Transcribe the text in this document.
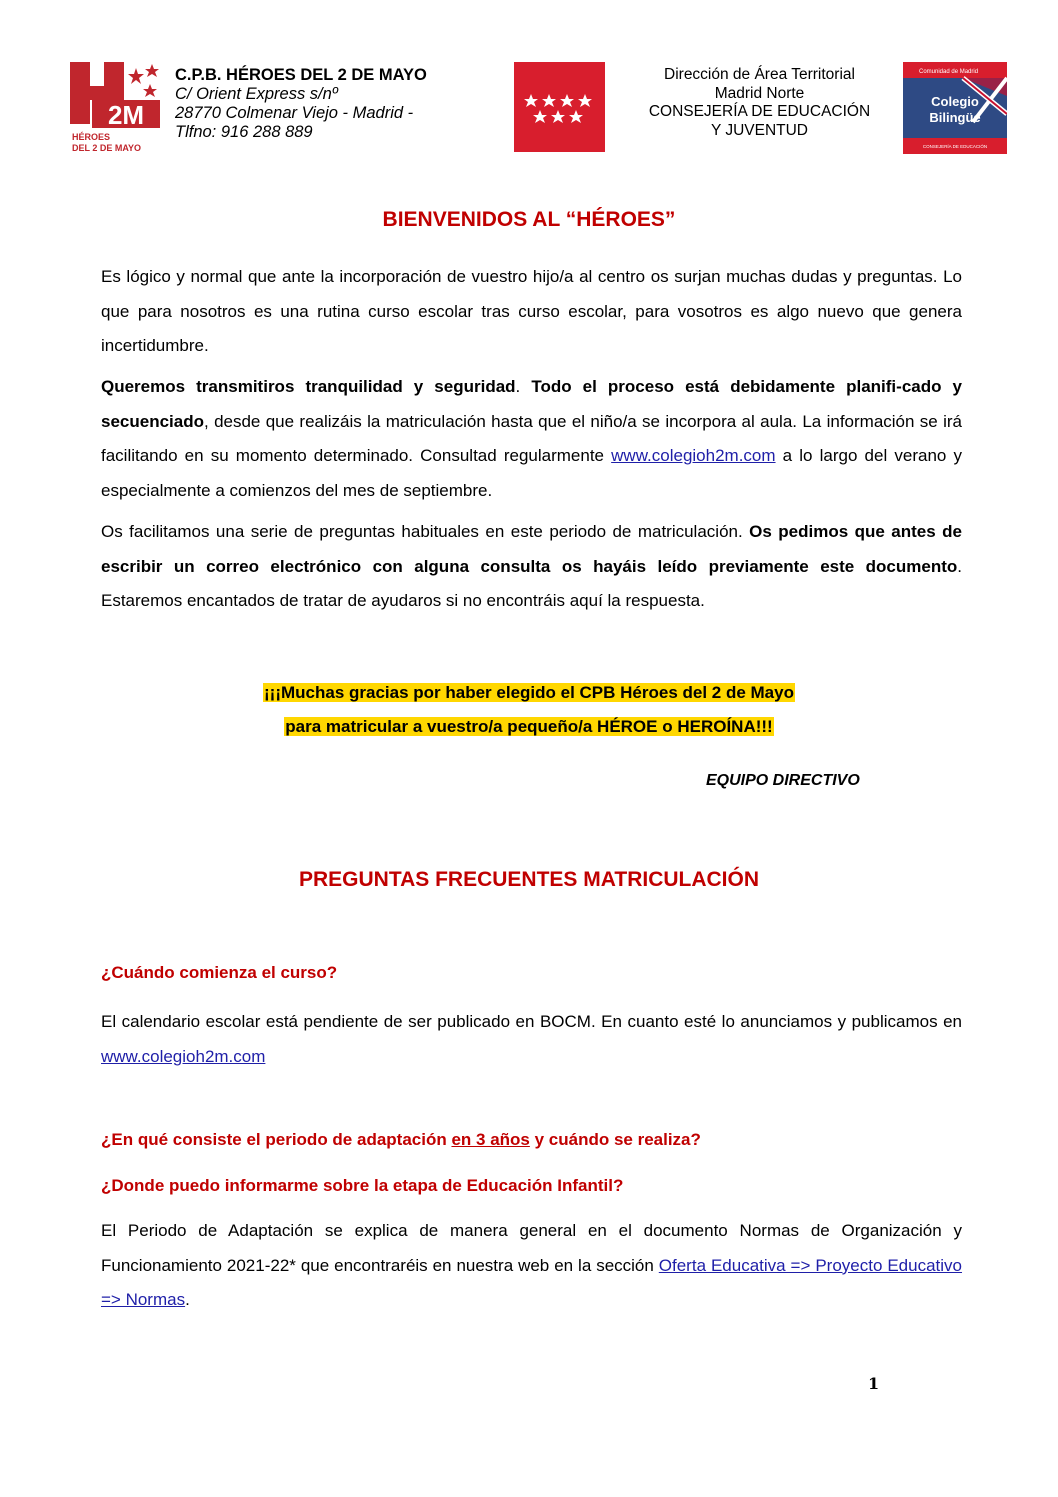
2M
HÉROES
DEL 2 DE MAYO
C.P.B. HÉROES DEL 2 DE MAYO
C/ Orient Express s/nº
28770 Colmenar Viejo - Madrid -
Tlfno: 916 288 889
Dirección de Área Territorial
Madrid Norte
CONSEJERÍA DE EDUCACIÓN
Y JUVENTUD
Comunidad de Madrid
Colegio
Bilingüe
CONSEJERÍA DE EDUCACIÓN
BIENVENIDOS AL “HÉROES”
Es lógico y normal que ante la incorporación de vuestro hijo/a al centro os surjan muchas dudas y preguntas. Lo que para nosotros es una rutina curso escolar tras curso escolar, para vosotros es algo nuevo que genera incertidumbre.
Queremos transmitiros tranquilidad y seguridad. Todo el proceso está debidamente planifi-cado y secuenciado, desde que realizáis la matriculación hasta que el niño/a se incorpora al aula. La información se irá facilitando en su momento determinado. Consultad regularmente www.colegioh2m.com a lo largo del verano y especialmente a comienzos del mes de septiembre.
Os facilitamos una serie de preguntas habituales en este periodo de matriculación. Os pedimos que antes de escribir un correo electrónico con alguna consulta os hayáis leído previamente este documento. Estaremos encantados de tratar de ayudaros si no encontráis aquí la respuesta.
¡¡¡Muchas gracias por haber elegido el CPB Héroes del 2 de Mayo
para matricular a vuestro/a pequeño/a HÉROE o HEROÍNA!!!
EQUIPO DIRECTIVO
PREGUNTAS FRECUENTES MATRICULACIÓN
¿Cuándo comienza el curso?
El calendario escolar está pendiente de ser publicado en BOCM. En cuanto esté lo anunciamos y publicamos en www.colegioh2m.com
¿En qué consiste el periodo de adaptación en 3 años y cuándo se realiza?
¿Donde puedo informarme sobre la etapa de Educación Infantil?
El Periodo de Adaptación se explica de manera general en el documento Normas de Organización y Funcionamiento 2021-22* que encontraréis en nuestra web en la sección Oferta Educativa => Proyecto Educativo => Normas.
1
